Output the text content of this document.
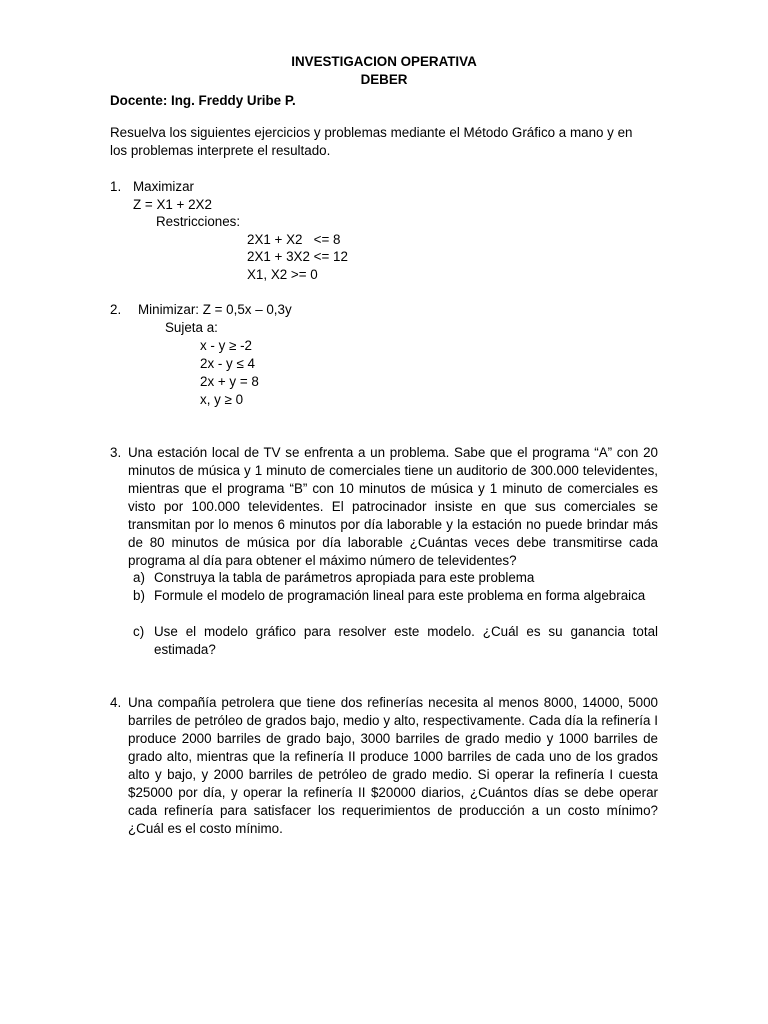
INVESTIGACION OPERATIVA
DEBER
Docente: Ing. Freddy Uribe P.
Resuelva los siguientes ejercicios y problemas mediante el Método Gráfico a mano y en
los problemas interprete el resultado.
1. Maximizar
Z = X1 + 2X2
Restricciones:
2X1 + X2   <= 8
2X1 + 3X2 <= 12
X1, X2 >= 0
2. Minimizar: Z = 0,5x – 0,3y
Sujeta a:
x - y ≥ -2
2x - y ≤ 4
2x + y = 8
x, y ≥ 0
3. Una estación local de TV se enfrenta a un problema. Sabe que el programa “A” con 20 minutos de música y 1 minuto de comerciales tiene un auditorio de 300.000 televidentes, mientras que el programa “B” con 10 minutos de música y 1 minuto de comerciales es visto por 100.000 televidentes. El patrocinador insiste en que sus comerciales se transmitan por lo menos 6 minutos por día laborable y la estación no puede brindar más de 80 minutos de música por día laborable ¿Cuántas veces debe transmitirse cada programa al día para obtener el máximo número de televidentes?
a) Construya la tabla de parámetros apropiada para este problema
b) Formule el modelo de programación lineal para este problema en forma algebraica
c) Use el modelo gráfico para resolver este modelo. ¿Cuál es su ganancia total estimada?
4. Una compañía petrolera que tiene dos refinerías necesita al menos 8000, 14000, 5000 barriles de petróleo de grados bajo, medio y alto, respectivamente. Cada día la refinería I produce 2000 barriles de grado bajo, 3000 barriles de grado medio y 1000 barriles de grado alto, mientras que la refinería II produce 1000 barriles de cada uno de los grados alto y bajo, y 2000 barriles de petróleo de grado medio. Si operar la refinería I cuesta $25000 por día, y operar la refinería II $20000 diarios, ¿Cuántos días se debe operar cada refinería para satisfacer los requerimientos de producción a un costo mínimo? ¿Cuál es el costo mínimo.
